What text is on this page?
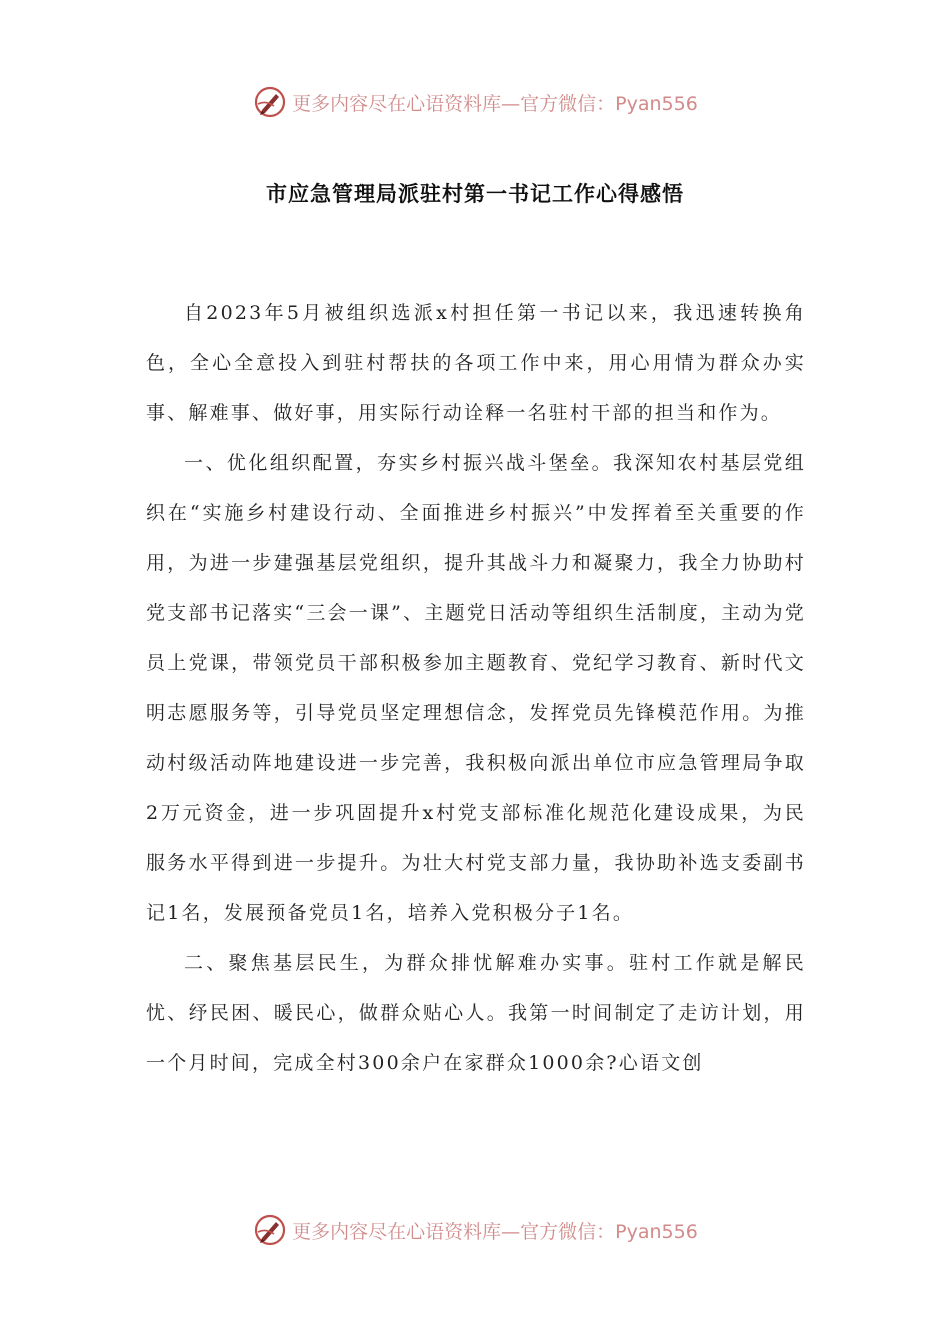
更多内容尽在心语资料库—官方微信：Pyan556
市应急管理局派驻村第一书记工作心得感悟

自2023年5月被组织选派x村担任第一书记以来，我迅速转换角色，全心全意投入到驻村帮扶的各项工作中来，用心用情为群众办实事、解难事、做好事，用实际行动诠释一名驻村干部的担当和作为。

一、优化组织配置，夯实乡村振兴战斗堡垒。我深知农村基层党组织在“实施乡村建设行动、全面推进乡村振兴”中发挥着至关重要的作用，为进一步建强基层党组织，提升其战斗力和凝聚力，我全力协助村党支部书记落实“三会一课”、主题党日活动等组织生活制度，主动为党员上党课，带领党员干部积极参加主题教育、党纪学习教育、新时代文明志愿服务等，引导党员坚定理想信念，发挥党员先锋模范作用。为推动村级活动阵地建设进一步完善，我积极向派出单位市应急管理局争取2万元资金，进一步巩固提升x村党支部标准化规范化建设成果，为民服务水平得到进一步提升。为壮大村党支部力量，我协助补选支委副书记1名，发展预备党员1名，培养入党积极分子1名。

二、聚焦基层民生，为群众排忧解难办实事。驻村工作就是解民忧、纾民困、暖民心，做群众贴心人。我第一时间制定了走访计划，用一个月时间，完成全村300余户在家群众1000余?心语文创

更多内容尽在心语资料库—官方微信：Pyan556
